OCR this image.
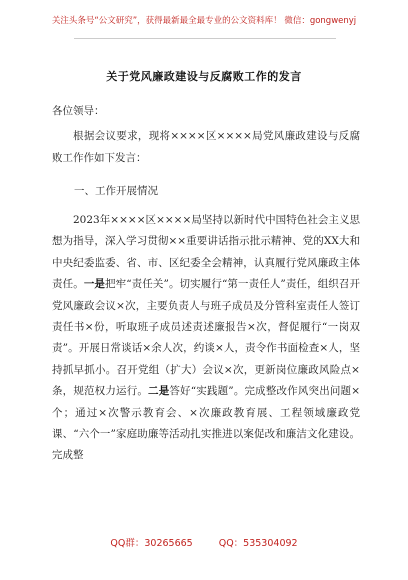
关注头条号“公文研究”，获得最新最全最专业的公文资料库！ 微信：gongwenyj
关于党风廉政建设与反腐败工作的发言
各位领导：
根据会议要求，现将××××区××××局党风廉政建设与反腐败工作作如下发言：
一、工作开展情况
2023年××××区××××局坚持以新时代中国特色社会主义思想为指导，深入学习贯彻××重要讲话指示批示精神、党的XX大和中央纪委监委、省、市、区纪委全会精神，认真履行党风廉政主体责任。一是把牢“责任关”。切实履行“第一责任人”责任，组织召开党风廉政会议×次，主要负责人与班子成员及分管科室责任人签订责任书×份，听取班子成员述责述廉报告×次，督促履行“一岗双责”。开展日常谈话×余人次，约谈×人，责令作书面检查×人，坚持抓早抓小。召开党组（扩大）会议×次，更新岗位廉政风险点×条，规范权力运行。二是答好“实践题”。完成整改作风突出问题×个；通过×次警示教育会、×次廉政教育展、工程领域廉政党课、“六个一”家庭助廉等活动扎实推进以案促改和廉洁文化建设。完成整
QQ群：30265665	QQ：535304092
